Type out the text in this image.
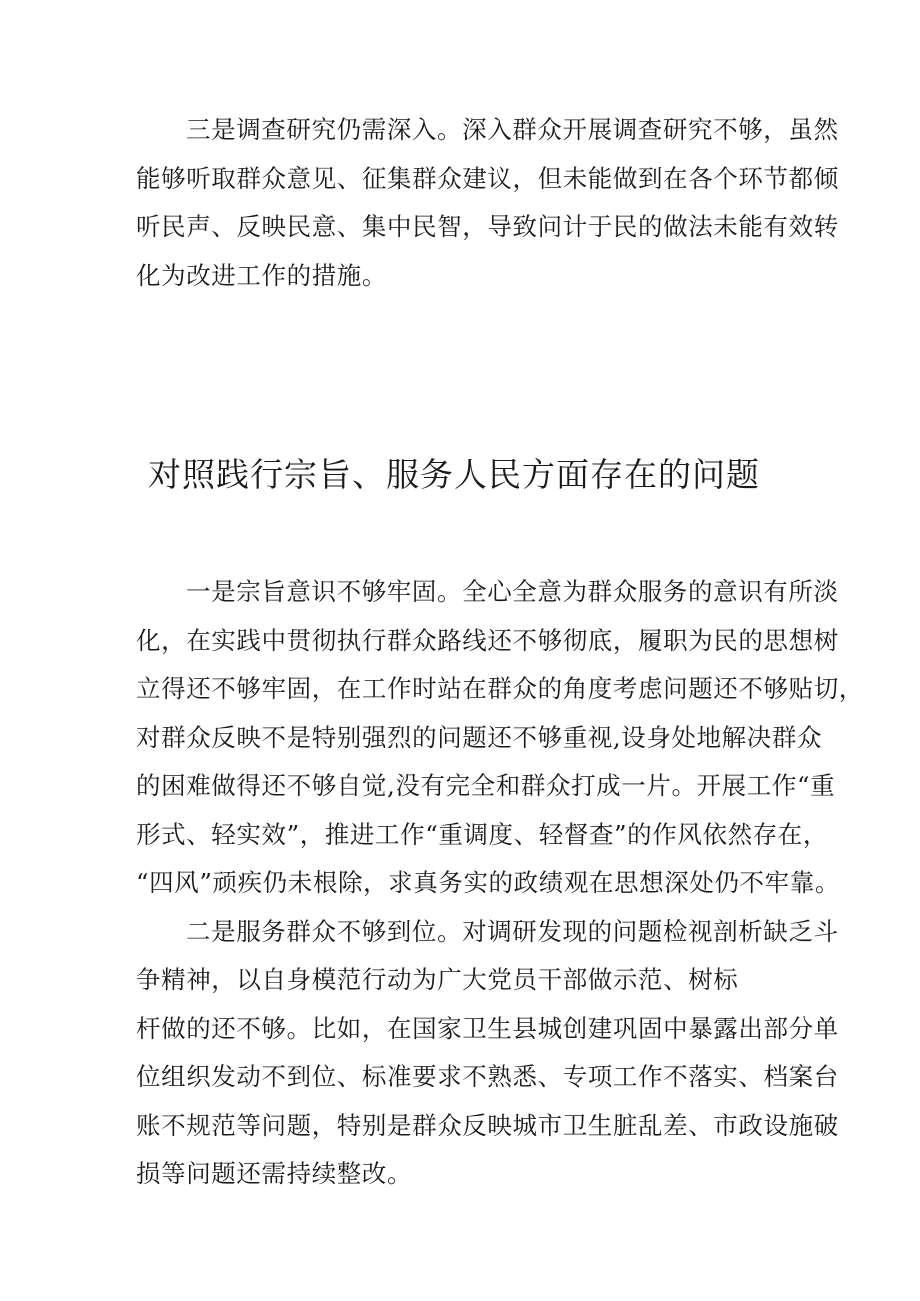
三是调查研究仍需深入。深入群众开展调查研究不够，虽然
能够听取群众意见、征集群众建议，但未能做到在各个环节都倾
听民声、反映民意、集中民智，导致问计于民的做法未能有效转
化为改进工作的措施。
对照践行宗旨、服务人民方面存在的问题
一是宗旨意识不够牢固。全心全意为群众服务的意识有所淡
化，在实践中贯彻执行群众路线还不够彻底，履职为民的思想树
立得还不够牢固，在工作时站在群众的角度考虑问题还不够贴切，
对群众反映不是特别强烈的问题还不够重视,设身处地解决群众
的困难做得还不够自觉,没有完全和群众打成一片。开展工作“重
形式、轻实效”，推进工作“重调度、轻督查”的作风依然存在，
“四风”顽疾仍未根除，求真务实的政绩观在思想深处仍不牢靠。
二是服务群众不够到位。对调研发现的问题检视剖析缺乏斗
争精神，以自身模范行动为广大党员干部做示范、树标
杆做的还不够。比如，在国家卫生县城创建巩固中暴露出部分单
位组织发动不到位、标准要求不熟悉、专项工作不落实、档案台
账不规范等问题，特别是群众反映城市卫生脏乱差、市政设施破
损等问题还需持续整改。
